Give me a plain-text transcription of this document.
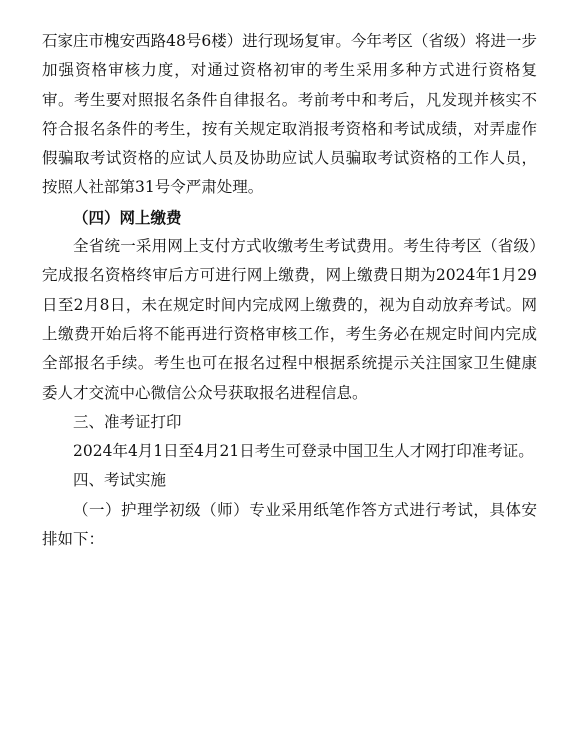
石家庄市槐安西路48号6楼）进行现场复审。今年考区（省级）将进一步加强资格审核力度，对通过资格初审的考生采用多种方式进行资格复审。考生要对照报名条件自律报名。考前考中和考后，凡发现并核实不符合报名条件的考生，按有关规定取消报考资格和考试成绩，对弄虚作假骗取考试资格的应试人员及协助应试人员骗取考试资格的工作人员，按照人社部第31号令严肃处理。

（四）网上缴费

全省统一采用网上支付方式收缴考生考试费用。考生待考区（省级）完成报名资格终审后方可进行网上缴费，网上缴费日期为2024年1月29日至2月8日，未在规定时间内完成网上缴费的，视为自动放弃考试。网上缴费开始后将不能再进行资格审核工作，考生务必在规定时间内完成全部报名手续。考生也可在报名过程中根据系统提示关注国家卫生健康委人才交流中心微信公众号获取报名进程信息。

三、准考证打印

2024年4月1日至4月21日考生可登录中国卫生人才网打印准考证。

四、考试实施

（一）护理学初级（师）专业采用纸笔作答方式进行考试，具体安排如下：
